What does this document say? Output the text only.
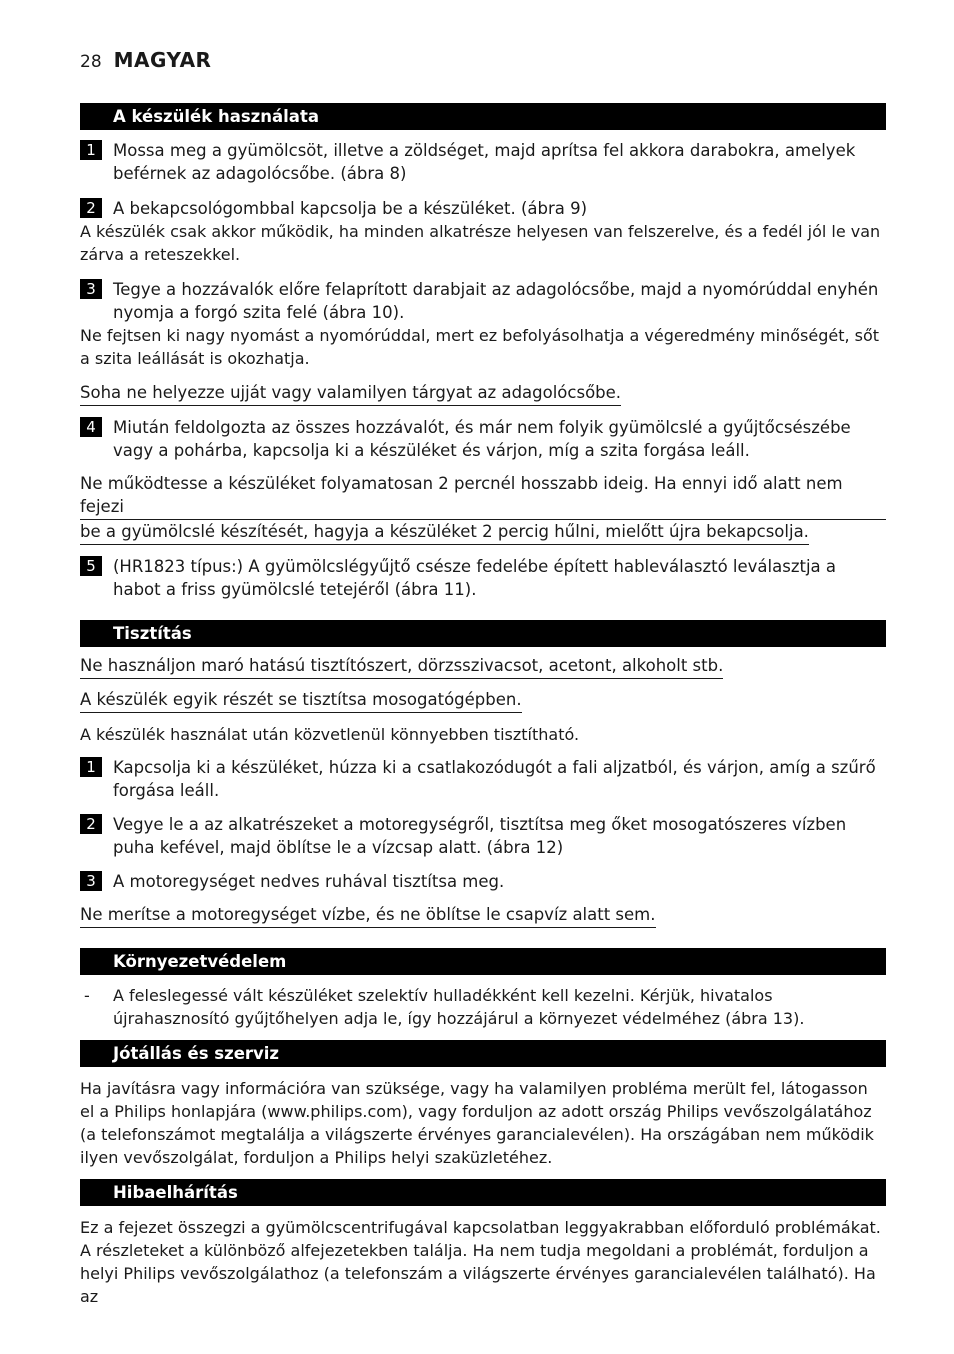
28 MAGYAR
A készülék használata
1	Mossa meg a gyümölcsöt, illetve a zöldséget, majd aprítsa fel akkora darabokra, amelyek beférnek az adagolócsőbe. (ábra 8)
2	A bekapcsológombbal kapcsolja be a készüléket. (ábra 9)
A készülék csak akkor működik, ha minden alkatrésze helyesen van felszerelve, és a fedél jól le van zárva a reteszekkel.
3	Tegye a hozzávalók előre felaprított darabjait az adagolócsőbe, majd a nyomórúddal enyhén nyomja a forgó szita felé (ábra 10).
Ne fejtsen ki nagy nyomást a nyomórúddal, mert ez befolyásolhatja a végeredmény minőségét, sőt a szita leállását is okozhatja.
Soha ne helyezze ujját vagy valamilyen tárgyat az adagolócsőbe.
4	Miután feldolgozta az összes hozzávalót, és már nem folyik gyümölcslé a gyűjtőcsészébe vagy a pohárba, kapcsolja ki a készüléket és várjon, míg a szita forgása leáll.
Ne működtesse a készüléket folyamatosan 2 percnél hosszabb ideig. Ha ennyi idő alatt nem fejezi
be a gyümölcslé készítését, hagyja a készüléket 2 percig hűlni, mielőtt újra bekapcsolja.
5	(HR1823 típus:) A gyümölcslégyűjtő csésze fedelébe épített hableválasztó leválasztja a habot a friss gyümölcslé tetejéről (ábra 11).
Tisztítás
Ne használjon maró hatású tisztítószert, dörzsszivacsot, acetont, alkoholt stb.
A készülék egyik részét se tisztítsa mosogatógépben.
A készülék használat után közvetlenül könnyebben tisztítható.
1	Kapcsolja ki a készüléket, húzza ki a csatlakozódugót a fali aljzatból, és várjon, amíg a szűrő forgása leáll.
2	Vegye le a az alkatrészeket a motoregységről, tisztítsa meg őket mosogatószeres vízben puha kefével, majd öblítse le a vízcsap alatt. (ábra 12)
3	A motoregységet nedves ruhával tisztítsa meg.
Ne merítse a motoregységet vízbe, és ne öblítse le csapvíz alatt sem.
Környezetvédelem
-	A feleslegessé vált készüléket szelektív hulladékként kell kezelni. Kérjük, hivatalos újrahasznosító gyűjtőhelyen adja le, így hozzájárul a környezet védelméhez (ábra 13).
Jótállás és szerviz
Ha javításra vagy információra van szüksége, vagy ha valamilyen probléma merült fel, látogasson el a Philips honlapjára (www.philips.com), vagy forduljon az adott ország Philips vevőszolgálatához (a telefonszámot megtalálja a világszerte érvényes garancialevélen). Ha országában nem működik ilyen vevőszolgálat, forduljon a Philips helyi szaküzletéhez.
Hibaelhárítás
Ez a fejezet összegzi a gyümölcscentrifugával kapcsolatban leggyakrabban előforduló problémákat. A részleteket a különböző alfejezetekben találja. Ha nem tudja megoldani a problémát, forduljon a helyi Philips vevőszolgálathoz (a telefonszám a világszerte érvényes garancialevélen található). Ha az
